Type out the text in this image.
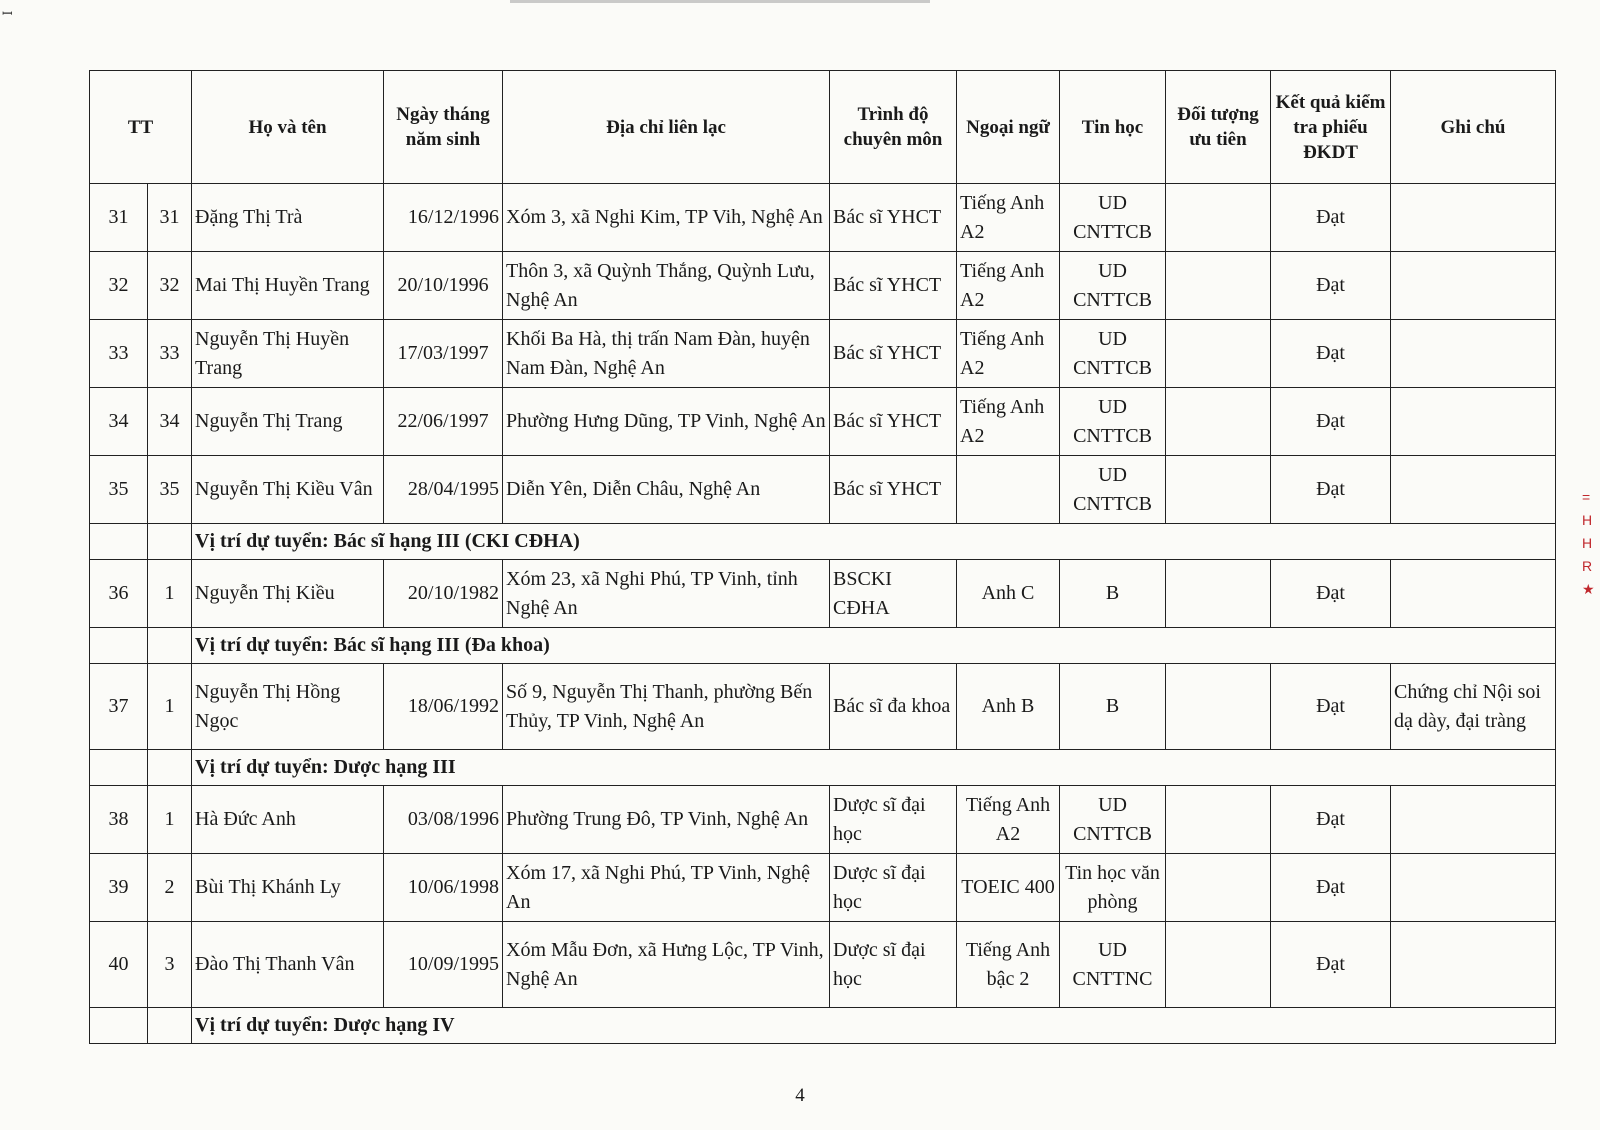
ꟷ
=
H
H
R
★
TT		Họ và tên	Ngày tháng năm sinh	Địa chỉ liên lạc	Trình độ chuyên môn	Ngoại ngữ	Tin học	Đối tượng ưu tiên	Kết quả kiểm tra phiếu ĐKDT	Ghi chú
31	31	Đặng Thị Trà	16/12/1996	Xóm 3, xã Nghi Kim, TP Vih, Nghệ An	Bác sĩ YHCT	Tiếng Anh A2	UD CNTTCB		Đạt	
32	32	Mai Thị Huyền Trang	20/10/1996	Thôn 3, xã Quỳnh Thắng, Quỳnh Lưu, Nghệ An	Bác sĩ YHCT	Tiếng Anh A2	UD CNTTCB		Đạt	
33	33	Nguyễn Thị Huyền Trang	17/03/1997	Khối Ba Hà, thị trấn Nam Đàn, huyện Nam Đàn, Nghệ An	Bác sĩ YHCT	Tiếng Anh A2	UD CNTTCB		Đạt	
34	34	Nguyễn Thị Trang	22/06/1997	Phường Hưng Dũng, TP Vinh, Nghệ An	Bác sĩ YHCT	Tiếng Anh A2	UD CNTTCB		Đạt	
35	35	Nguyễn Thị Kiều Vân	28/04/1995	Diễn Yên, Diễn Châu, Nghệ An	Bác sĩ YHCT		UD CNTTCB		Đạt	
		Vị trí dự tuyển: Bác sĩ hạng III (CKI CĐHA)								
36	1	Nguyễn Thị Kiều	20/10/1982	Xóm 23, xã Nghi Phú, TP Vinh, tỉnh Nghệ An	BSCKI CĐHA	Anh C	B		Đạt	
		Vị trí dự tuyển: Bác sĩ hạng III (Đa khoa)								
37	1	Nguyễn Thị Hồng Ngọc	18/06/1992	Số 9, Nguyễn Thị Thanh, phường Bến Thủy, TP Vinh, Nghệ An	Bác sĩ đa khoa	Anh B	B		Đạt	Chứng chỉ Nội soi dạ dày, đại tràng
		Vị trí dự tuyển: Dược hạng III								
38	1	Hà Đức Anh	03/08/1996	Phường Trung Đô, TP Vinh, Nghệ An	Dược sĩ đại học	Tiếng Anh A2	UD CNTTCB		Đạt	
39	2	Bùi Thị Khánh Ly	10/06/1998	Xóm 17, xã Nghi Phú, TP Vinh, Nghệ An	Dược sĩ đại học	TOEIC 400	Tin học văn phòng		Đạt	
40	3	Đào Thị Thanh Vân	10/09/1995	Xóm Mẫu Đơn, xã Hưng Lộc, TP Vinh, Nghệ An	Dược sĩ đại học	Tiếng Anh bậc 2	UD CNTTNC		Đạt	
		Vị trí dự tuyển: Dược hạng IV								
4
